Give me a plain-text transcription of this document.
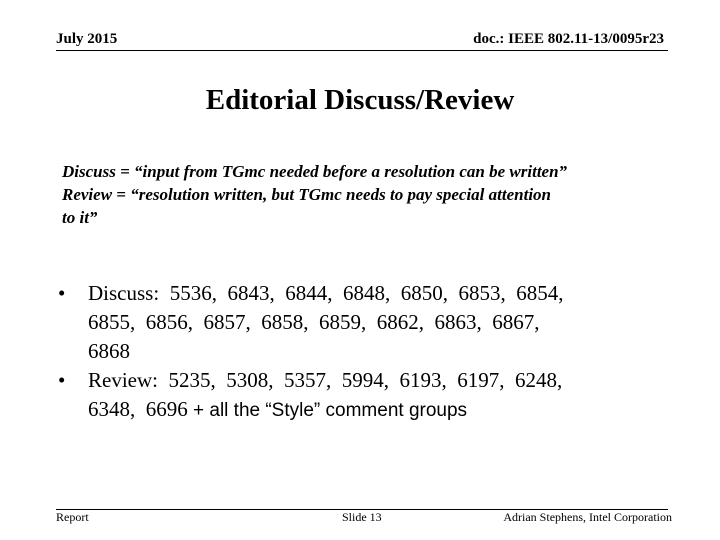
July 2015	doc.: IEEE 802.11-13/0095r23
Editorial Discuss/Review
Discuss = “input from TGmc needed before a resolution can be written”
Review = “resolution written, but TGmc needs to pay special attention
to it”
•	Discuss:  5536,  6843,  6844,  6848,  6850,  6853,  6854,
6855,  6856,  6857,  6858,  6859,  6862,  6863,  6867,
6868
•	Review:  5235,  5308,  5357,  5994,  6193,  6197,  6248,
6348,  6696 + all the “Style” comment groups
Report	Slide 13	Adrian Stephens, Intel Corporation
